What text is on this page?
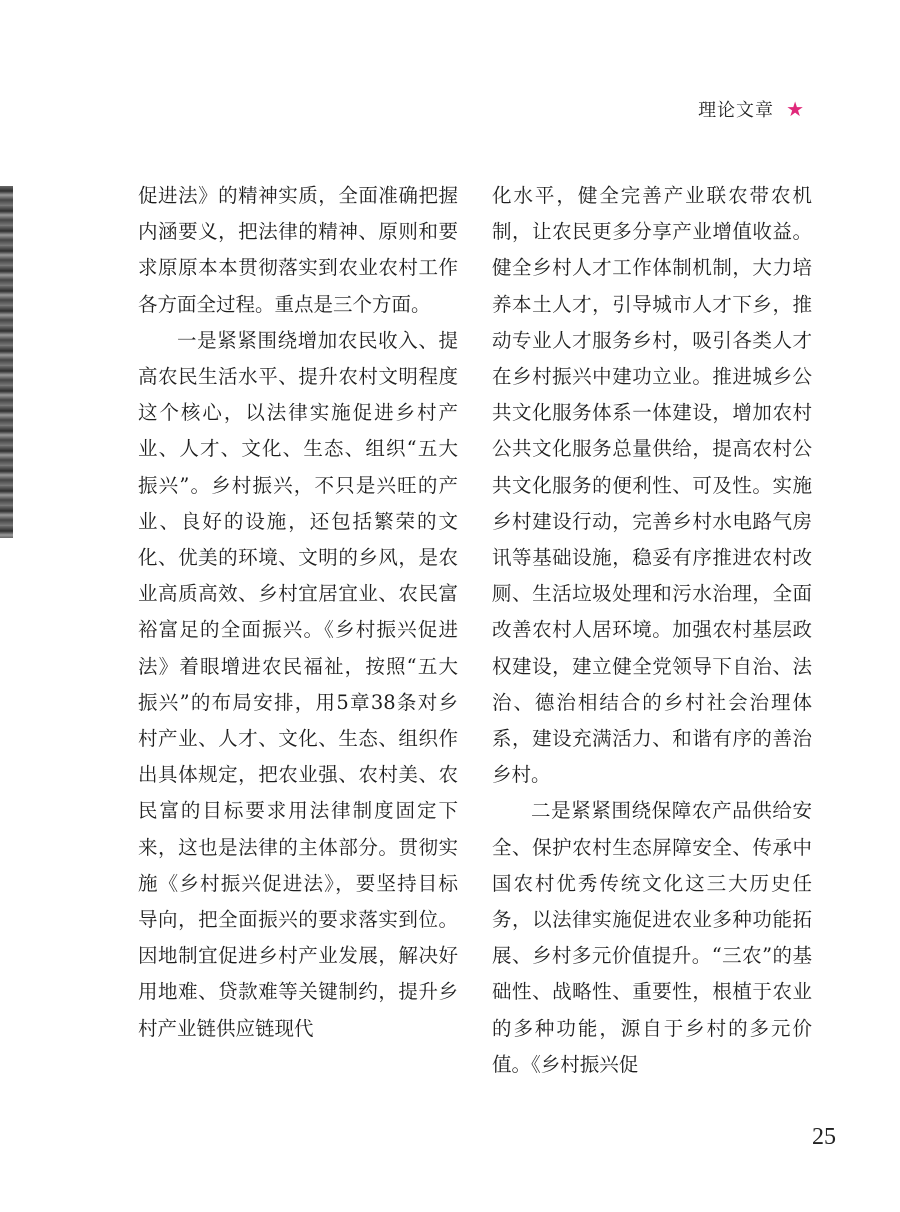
理论文章 ★

促进法》的精神实质，全面准确把握内涵要义，把法律的精神、原则和要求原原本本贯彻落实到农业农村工作各方面全过程。重点是三个方面。

一是紧紧围绕增加农民收入、提高农民生活水平、提升农村文明程度这个核心，以法律实施促进乡村产业、人才、文化、生态、组织“五大振兴”。乡村振兴，不只是兴旺的产业、良好的设施，还包括繁荣的文化、优美的环境、文明的乡风，是农业高质高效、乡村宜居宜业、农民富裕富足的全面振兴。《乡村振兴促进法》着眼增进农民福祉，按照“五大振兴”的布局安排，用5章38条对乡村产业、人才、文化、生态、组织作出具体规定，把农业强、农村美、农民富的目标要求用法律制度固定下来，这也是法律的主体部分。贯彻实施《乡村振兴促进法》，要坚持目标导向，把全面振兴的要求落实到位。因地制宜促进乡村产业发展，解决好用地难、贷款难等关键制约，提升乡村产业链供应链现代

化水平，健全完善产业联农带农机制，让农民更多分享产业增值收益。健全乡村人才工作体制机制，大力培养本土人才，引导城市人才下乡，推动专业人才服务乡村，吸引各类人才在乡村振兴中建功立业。推进城乡公共文化服务体系一体建设，增加农村公共文化服务总量供给，提高农村公共文化服务的便利性、可及性。实施乡村建设行动，完善乡村水电路气房讯等基础设施，稳妥有序推进农村改厕、生活垃圾处理和污水治理，全面改善农村人居环境。加强农村基层政权建设，建立健全党领导下自治、法治、德治相结合的乡村社会治理体系，建设充满活力、和谐有序的善治乡村。

二是紧紧围绕保障农产品供给安全、保护农村生态屏障安全、传承中国农村优秀传统文化这三大历史任务，以法律实施促进农业多种功能拓展、乡村多元价值提升。“三农”的基础性、战略性、重要性，根植于农业的多种功能，源自于乡村的多元价值。《乡村振兴促

25
